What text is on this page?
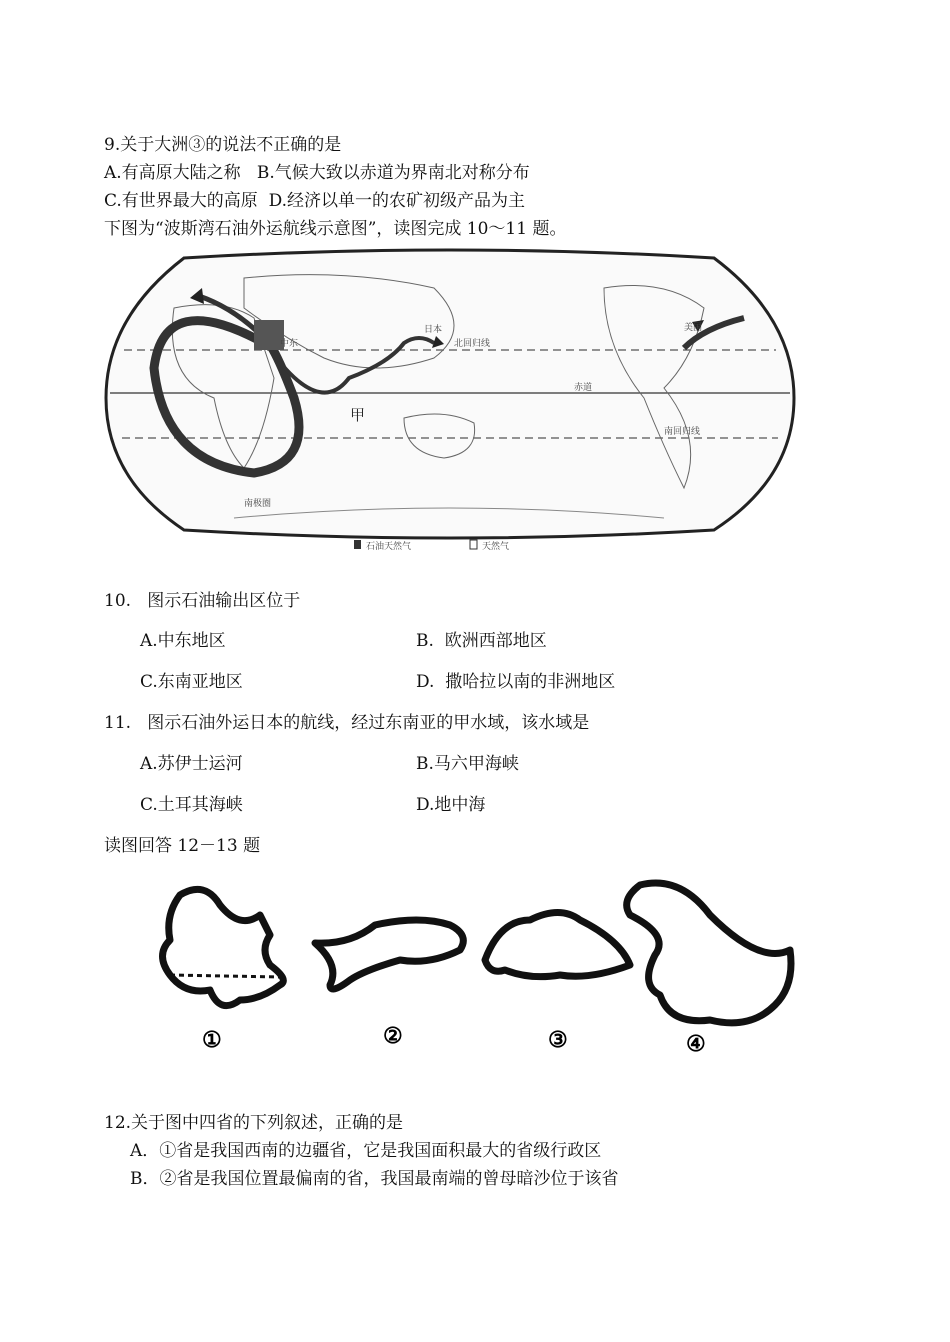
9.关于大洲③的说法不正确的是
A.有高原大陆之称   B.气候大致以赤道为界南北对称分布
C.有世界最大的高原  D.经济以单一的农矿初级产品为主
下图为“波斯湾石油外运航线示意图”，读图完成 10～11 题。
中东
美国
日本
甲
北回归线
赤道
南回归线
南极圈
石油天然气	天然气
10.   图示石油输出区位于
A.中东地区	B.  欧洲西部地区
C.东南亚地区	D.  撒哈拉以南的非洲地区
11.   图示石油外运日本的航线，经过东南亚的甲水域，该水域是
A.苏伊士运河	B.马六甲海峡
C.土耳其海峡	D.地中海
读图回答 12－13 题
①	②	③	④
12.关于图中四省的下列叙述，正确的是
A．①省是我国西南的边疆省，它是我国面积最大的省级行政区
B．②省是我国位置最偏南的省，我国最南端的曾母暗沙位于该省
